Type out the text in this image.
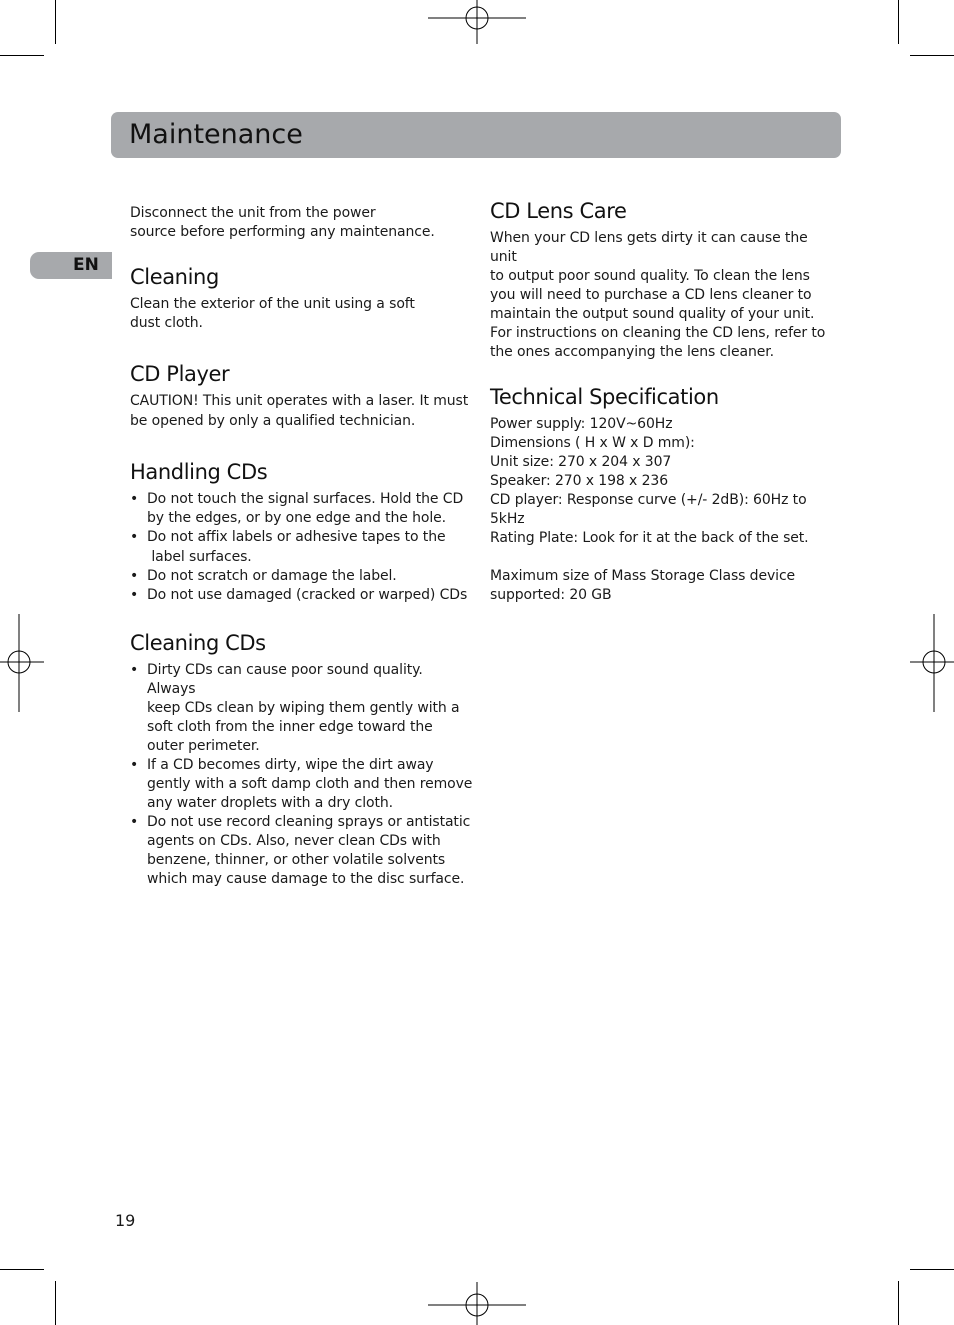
Maintenance
EN

Disconnect the unit from the power

source before performing any maintenance.

Cleaning

Clean the exterior of the unit using a soft

dust cloth.

CD Player

CAUTION! This unit operates with a laser. It must

be opened by only a qualified technician.

Handling CDs
• Do not touch the signal surfaces. Hold the CD
by the edges, or by one edge and the hole.
• Do not affix labels or adhesive tapes to the
label surfaces.
• Do not scratch or damage the label.
• Do not use damaged (cracked or warped) CDs
Cleaning CDs
• Dirty CDs can cause poor sound quality. Always
keep CDs clean by wiping them gently with a
soft cloth from the inner edge toward the
outer perimeter.
• If a CD becomes dirty, wipe the dirt away
gently with a soft damp cloth and then remove
any water droplets with a dry cloth.
• Do not use record cleaning sprays or antistatic
agents on CDs. Also, never clean CDs with
benzene, thinner, or other volatile solvents
which may cause damage to the disc surface.
CD Lens Care

When your CD lens gets dirty it can cause the unit

to output poor sound quality. To clean the lens

you will need to purchase a CD lens cleaner to

maintain the output sound quality of your unit.

For instructions on cleaning the CD lens, refer to

the ones accompanying the lens cleaner.

Technical Specification

Power supply: 120V~60Hz

Dimensions ( H x W x D mm):

Unit size: 270 x 204 x 307

Speaker: 270 x 198 x 236

CD player: Response curve (+/- 2dB): 60Hz to 5kHz

Rating Plate: Look for it at the back of the set.

Maximum size of Mass Storage Class device

supported: 20 GB

19
